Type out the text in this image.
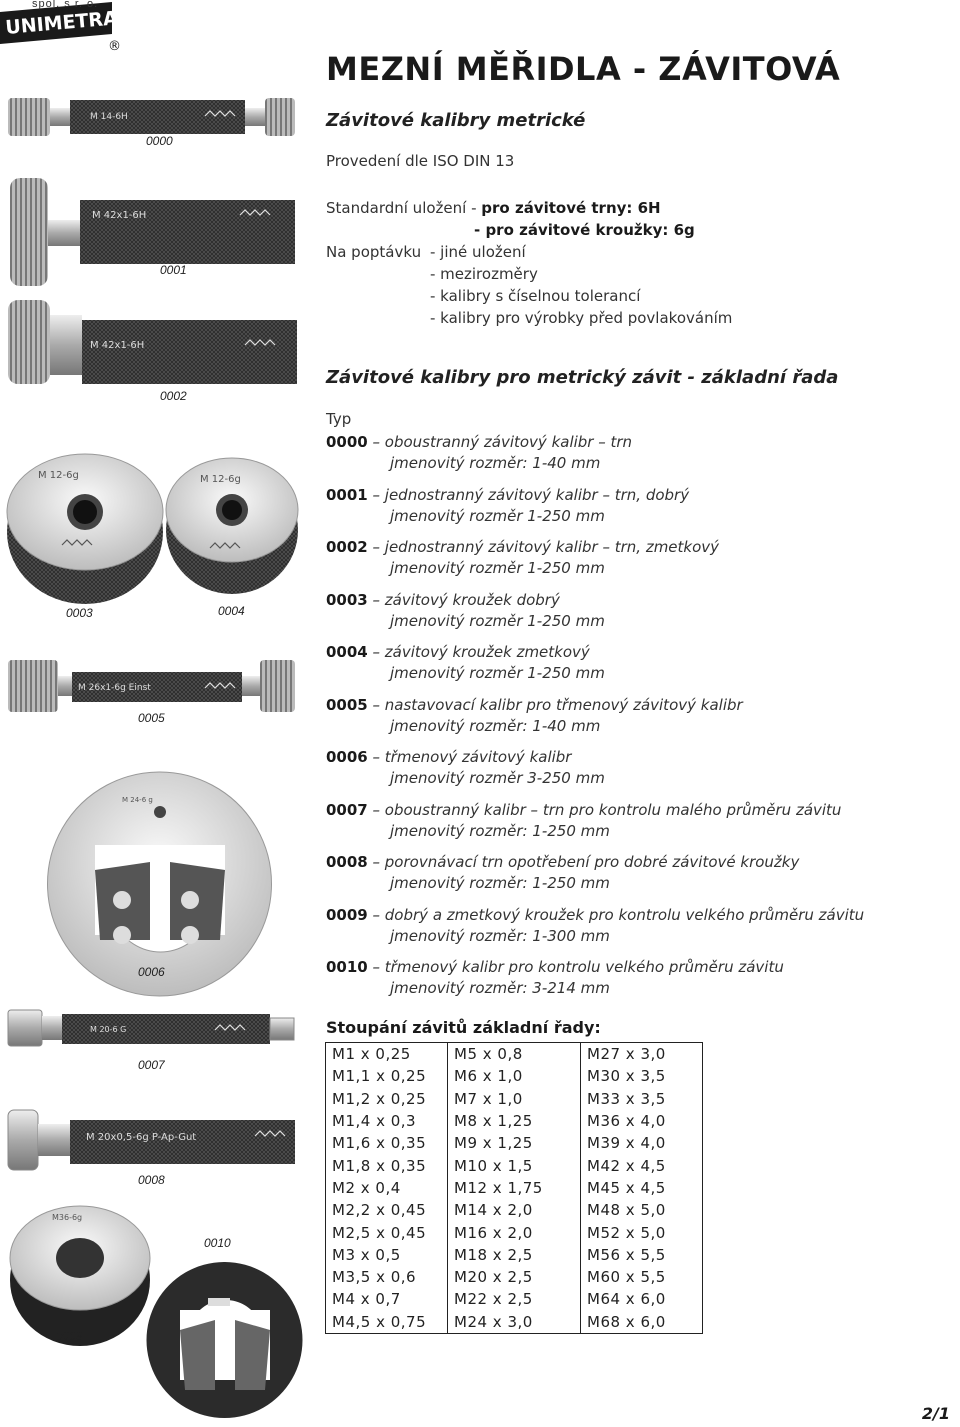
spol. s r. o.
UNIMETRA
®
M 14-6H
M 42x1-6H
M 42x1-6H
M 12-6g	M 12-6g
M 26x1-6g Einst
M 24-6 g
M 20-6 G
M 20x0,5-6g P-Ap-Gut
M36-6g
0000
0001
0002
0003	0004
0005
0006
0007
0008
0010
0009
MEZNÍ MĚŘIDLA - ZÁVITOVÁ
Závitové kalibry metrické

Provedení dle ISO DIN 13

Standardní uložení - pro závitové trny: 6H
- pro závitové kroužky: 6g
Na poptávku - jiné uložení
- mezirozměry
- kalibry s číselnou tolerancí
- kalibry pro výrobky před povlakováním
Závitové kalibry pro metrický závit - základní řada
Typ
0000 – oboustranný závitový kalibr – trn
jmenovitý rozměr: 1-40 mm
0001 – jednostranný závitový kalibr – trn, dobrý
jmenovitý rozměr 1-250 mm
0002 – jednostranný závitový kalibr – trn, zmetkový
jmenovitý rozměr 1-250 mm
0003 – závitový kroužek dobrý
jmenovitý rozměr 1-250 mm
0004 – závitový kroužek zmetkový
jmenovitý rozměr 1-250 mm
0005 – nastavovací kalibr pro třmenový závitový kalibr
jmenovitý rozměr: 1-40 mm
0006 – třmenový závitový kalibr
jmenovitý rozměr 3-250 mm
0007 – oboustranný kalibr – trn pro kontrolu malého průměru závitu
jmenovitý rozměr: 1-250 mm
0008 – porovnávací trn opotřebení pro dobré závitové kroužky
jmenovitý rozměr: 1-250 mm
0009 – dobrý a zmetkový kroužek pro kontrolu velkého průměru závitu
jmenovitý rozměr: 1-300 mm
0010 – třmenový kalibr pro kontrolu velkého průměru závitu
jmenovitý rozměr: 3-214 mm
Stoupání závitů základní řady:
M1 x 0,25	M5 x 0,8	M27 x 3,0
M1,1 x 0,25	M6 x 1,0	M30 x 3,5
M1,2 x 0,25	M7 x 1,0	M33 x 3,5
M1,4 x 0,3	M8 x 1,25	M36 x 4,0
M1,6 x 0,35	M9 x 1,25	M39 x 4,0
M1,8 x 0,35	M10 x 1,5	M42 x 4,5
M2 x 0,4	M12 x 1,75	M45 x 4,5
M2,2 x 0,45	M14 x 2,0	M48 x 5,0
M2,5 x 0,45	M16 x 2,0	M52 x 5,0
M3 x 0,5	M18 x 2,5	M56 x 5,5
M3,5 x 0,6	M20 x 2,5	M60 x 5,5
M4 x 0,7	M22 x 2,5	M64 x 6,0
M4,5 x 0,75	M24 x 3,0	M68 x 6,0
2/1
